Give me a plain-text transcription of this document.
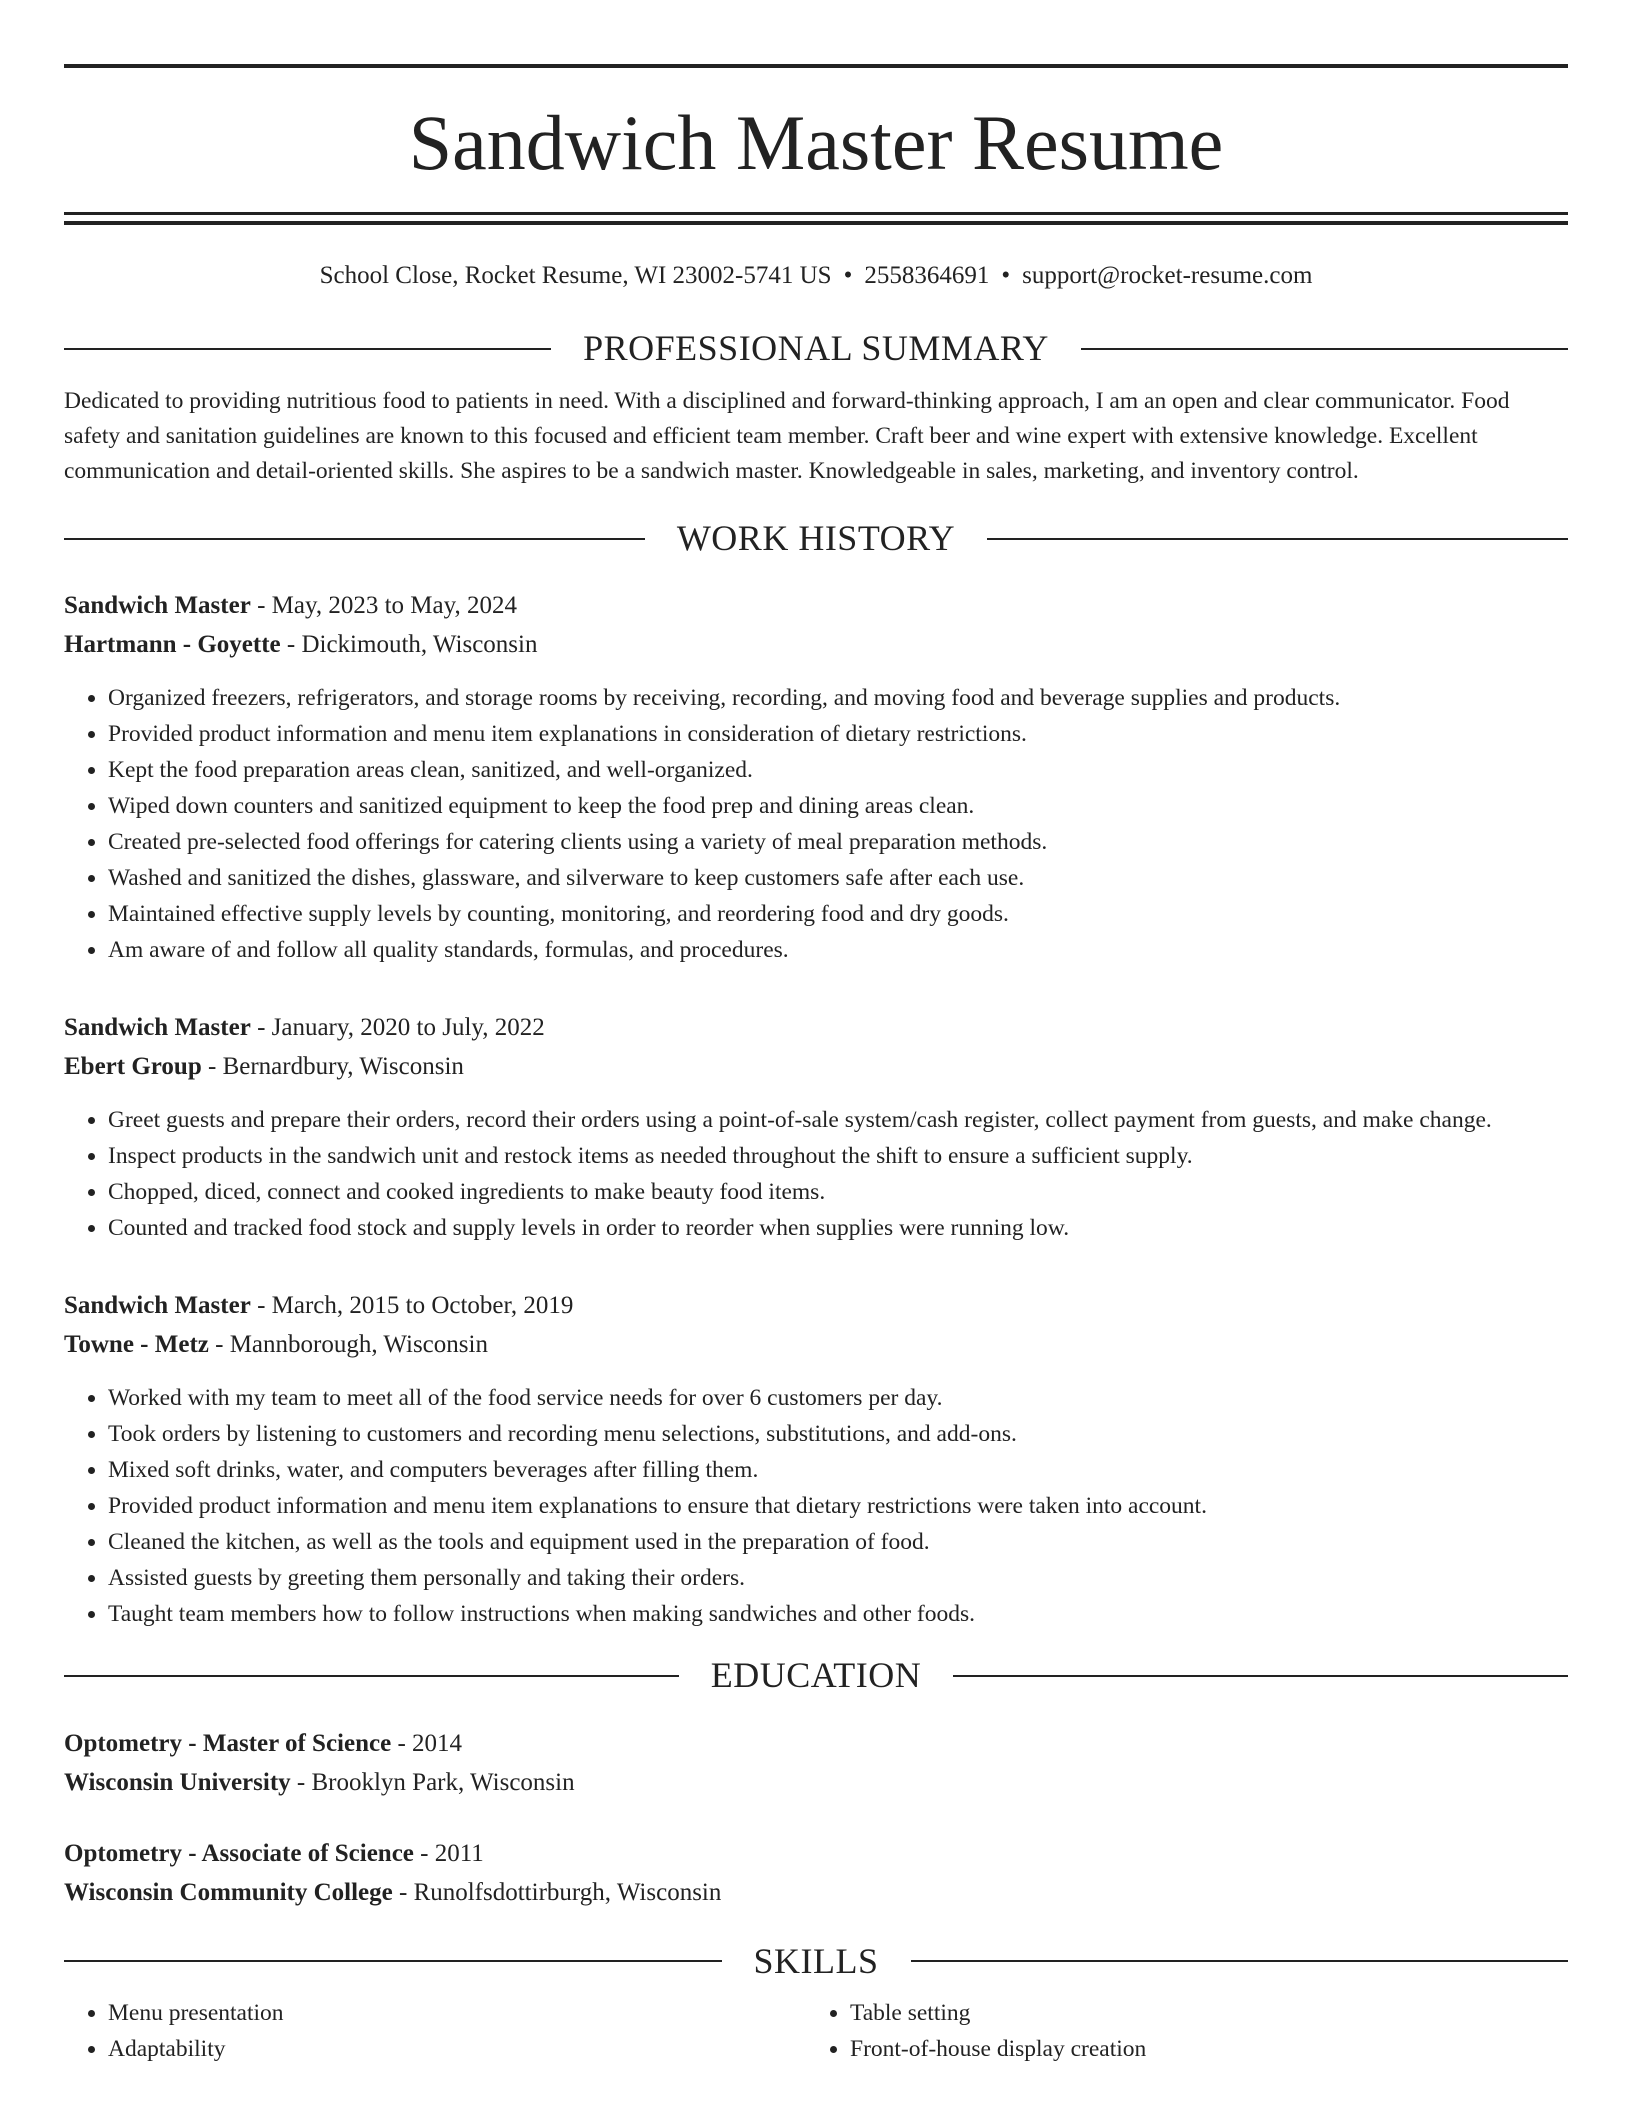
Sandwich Master Resume
School Close, Rocket Resume, WI 23002-5741 US • 2558364691 • support@rocket-resume.com
PROFESSIONAL SUMMARY

Dedicated to providing nutritious food to patients in need. With a disciplined and forward-thinking approach, I am an open and clear communicator. Food safety and sanitation guidelines are known to this focused and efficient team member. Craft beer and wine expert with extensive knowledge. Excellent communication and detail-oriented skills. She aspires to be a sandwich master. Knowledgeable in sales, marketing, and inventory control.

WORK HISTORY
Sandwich Master - May, 2023 to May, 2024
Hartmann - Goyette - Dickimouth, Wisconsin
• Organized freezers, refrigerators, and storage rooms by receiving, recording, and moving food and beverage supplies and products.
• Provided product information and menu item explanations in consideration of dietary restrictions.
• Kept the food preparation areas clean, sanitized, and well-organized.
• Wiped down counters and sanitized equipment to keep the food prep and dining areas clean.
• Created pre-selected food offerings for catering clients using a variety of meal preparation methods.
• Washed and sanitized the dishes, glassware, and silverware to keep customers safe after each use.
• Maintained effective supply levels by counting, monitoring, and reordering food and dry goods.
• Am aware of and follow all quality standards, formulas, and procedures.
Sandwich Master - January, 2020 to July, 2022
Ebert Group - Bernardbury, Wisconsin
• Greet guests and prepare their orders, record their orders using a point-of-sale system/cash register, collect payment from guests, and make change.
• Inspect products in the sandwich unit and restock items as needed throughout the shift to ensure a sufficient supply.
• Chopped, diced, connect and cooked ingredients to make beauty food items.
• Counted and tracked food stock and supply levels in order to reorder when supplies were running low.
Sandwich Master - March, 2015 to October, 2019
Towne - Metz - Mannborough, Wisconsin
• Worked with my team to meet all of the food service needs for over 6 customers per day.
• Took orders by listening to customers and recording menu selections, substitutions, and add-ons.
• Mixed soft drinks, water, and computers beverages after filling them.
• Provided product information and menu item explanations to ensure that dietary restrictions were taken into account.
• Cleaned the kitchen, as well as the tools and equipment used in the preparation of food.
• Assisted guests by greeting them personally and taking their orders.
• Taught team members how to follow instructions when making sandwiches and other foods.
EDUCATION
Optometry - Master of Science - 2014
Wisconsin University - Brooklyn Park, Wisconsin
Optometry - Associate of Science - 2011
Wisconsin Community College - Runolfsdottirburgh, Wisconsin
SKILLS
• Menu presentation
• Adaptability
• Table setting
• Front-of-house display creation
